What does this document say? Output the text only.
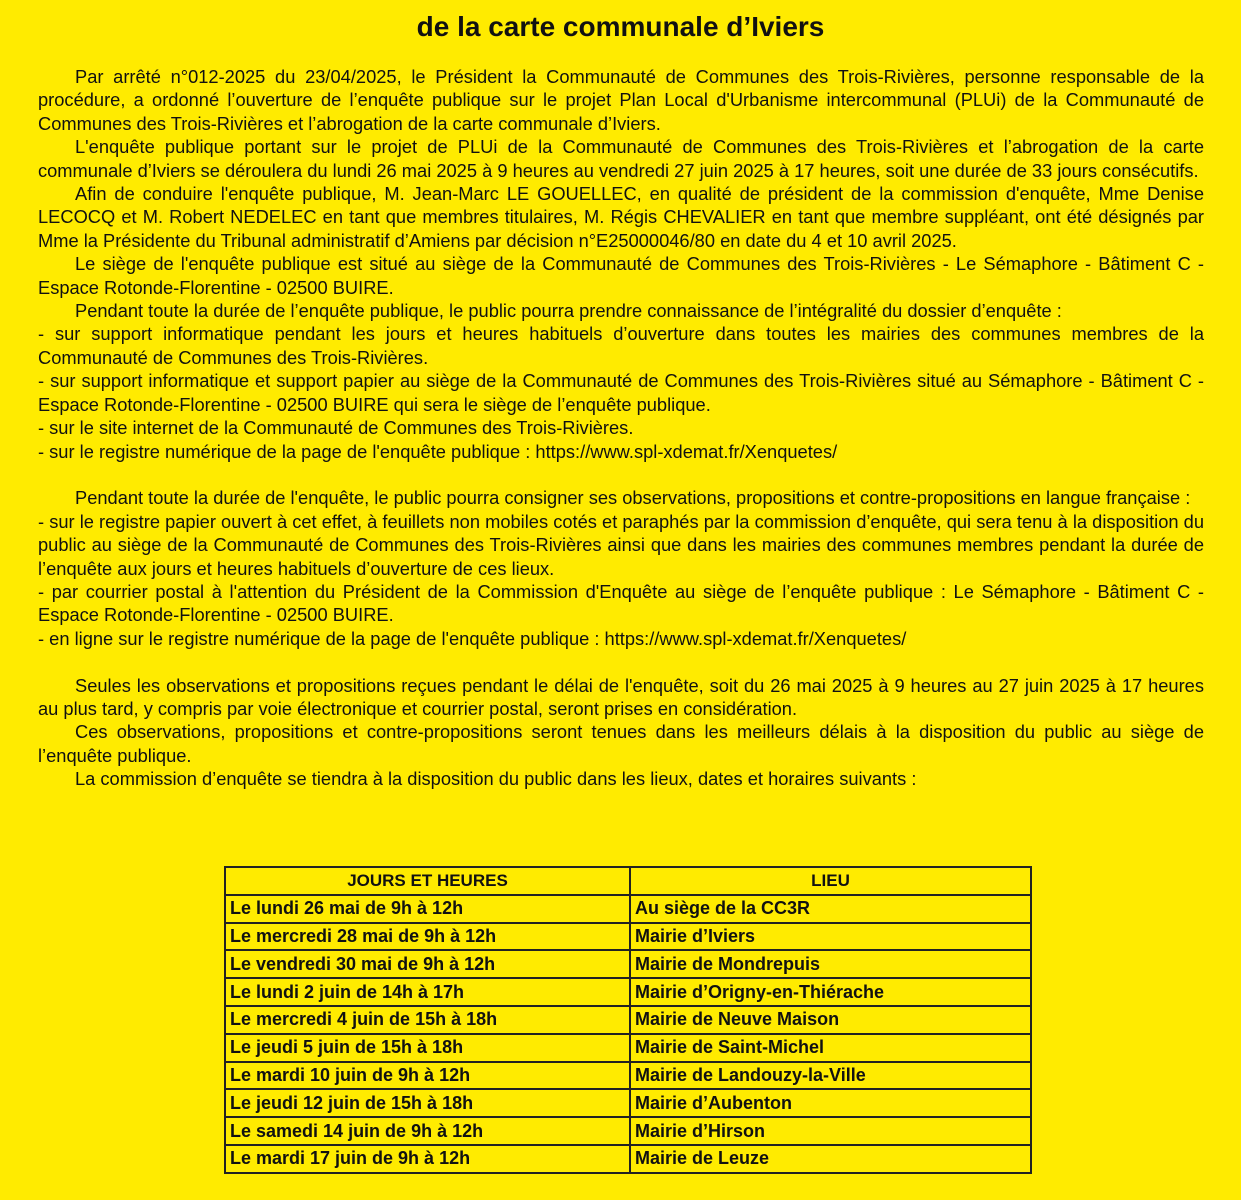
de la carte communale d’Iviers

Par arrêté n°012-2025 du 23/04/2025, le Président la Communauté de Communes des Trois-Rivières, personne responsable de la procédure, a ordonné l’ouverture de l’enquête publique sur le projet Plan Local d'Urbanisme intercommunal (PLUi) de la Communauté de Communes des Trois-Rivières et l’abrogation de la carte communale d’Iviers.

L'enquête publique portant sur le projet de PLUi de la Communauté de Communes des Trois-Rivières et l’abrogation de la carte communale d’Iviers se déroulera du lundi 26 mai 2025 à 9 heures au vendredi 27 juin 2025 à 17 heures, soit une durée de 33 jours consécutifs.

Afin de conduire l'enquête publique, M. Jean-Marc LE GOUELLEC, en qualité de président de la commission d'enquête, Mme Denise LECOCQ et M. Robert NEDELEC en tant que membres titulaires, M. Régis CHEVALIER en tant que membre suppléant, ont été désignés par Mme la Présidente du Tribunal administratif d’Amiens par décision n°E25000046/80 en date du 4 et 10 avril 2025.

Le siège de l'enquête publique est situé au siège de la Communauté de Communes des Trois-Rivières - Le Sémaphore - Bâtiment C - Espace Rotonde-Florentine - 02500 BUIRE.

Pendant toute la durée de l’enquête publique, le public pourra prendre connaissance de l’intégralité du dossier d’enquête :

- sur support informatique pendant les jours et heures habituels d’ouverture dans toutes les mairies des communes membres de la Communauté de Communes des Trois-Rivières.

- sur support informatique et support papier au siège de la Communauté de Communes des Trois-Rivières situé au Sémaphore - Bâtiment C - Espace Rotonde-Florentine - 02500 BUIRE qui sera le siège de l’enquête publique.

- sur le site internet de la Communauté de Communes des Trois-Rivières.

- sur le registre numérique de la page de l'enquête publique : https://www.spl-xdemat.fr/Xenquetes/

Pendant toute la durée de l'enquête, le public pourra consigner ses observations, propositions et contre-propositions en langue française :

- sur le registre papier ouvert à cet effet, à feuillets non mobiles cotés et paraphés par la commission d’enquête, qui sera tenu à la disposition du public au siège de la Communauté de Communes des Trois-Rivières ainsi que dans les mairies des communes membres pendant la durée de l’enquête aux jours et heures habituels d’ouverture de ces lieux.

- par courrier postal à l'attention du Président de la Commission d'Enquête au siège de l’enquête publique : Le Sémaphore - Bâtiment C - Espace Rotonde-Florentine - 02500 BUIRE.

- en ligne sur le registre numérique de la page de l'enquête publique : https://www.spl-xdemat.fr/Xenquetes/

Seules les observations et propositions reçues pendant le délai de l'enquête, soit du 26 mai 2025 à 9 heures au 27 juin 2025 à 17 heures au plus tard, y compris par voie électronique et courrier postal, seront prises en considération.

Ces observations, propositions et contre-propositions seront tenues dans les meilleurs délais à la disposition du public au siège de l’enquête publique.

La commission d’enquête se tiendra à la disposition du public dans les lieux, dates et horaires suivants :

JOURS ET HEURES	LIEU
Le lundi 26 mai de 9h à 12h	Au siège de la CC3R
Le mercredi 28 mai de 9h à 12h	Mairie d’Iviers
Le vendredi 30 mai de 9h à 12h	Mairie de Mondrepuis
Le lundi 2 juin de 14h à 17h	Mairie d’Origny-en-Thiérache
Le mercredi 4 juin de 15h à 18h	Mairie de Neuve Maison
Le jeudi 5 juin de 15h à 18h	Mairie de Saint-Michel
Le mardi 10 juin de 9h à 12h	Mairie de Landouzy-la-Ville
Le jeudi 12 juin de 15h à 18h	Mairie d’Aubenton
Le samedi 14 juin de 9h à 12h	Mairie d’Hirson
Le mardi 17 juin de 9h à 12h	Mairie de Leuze
